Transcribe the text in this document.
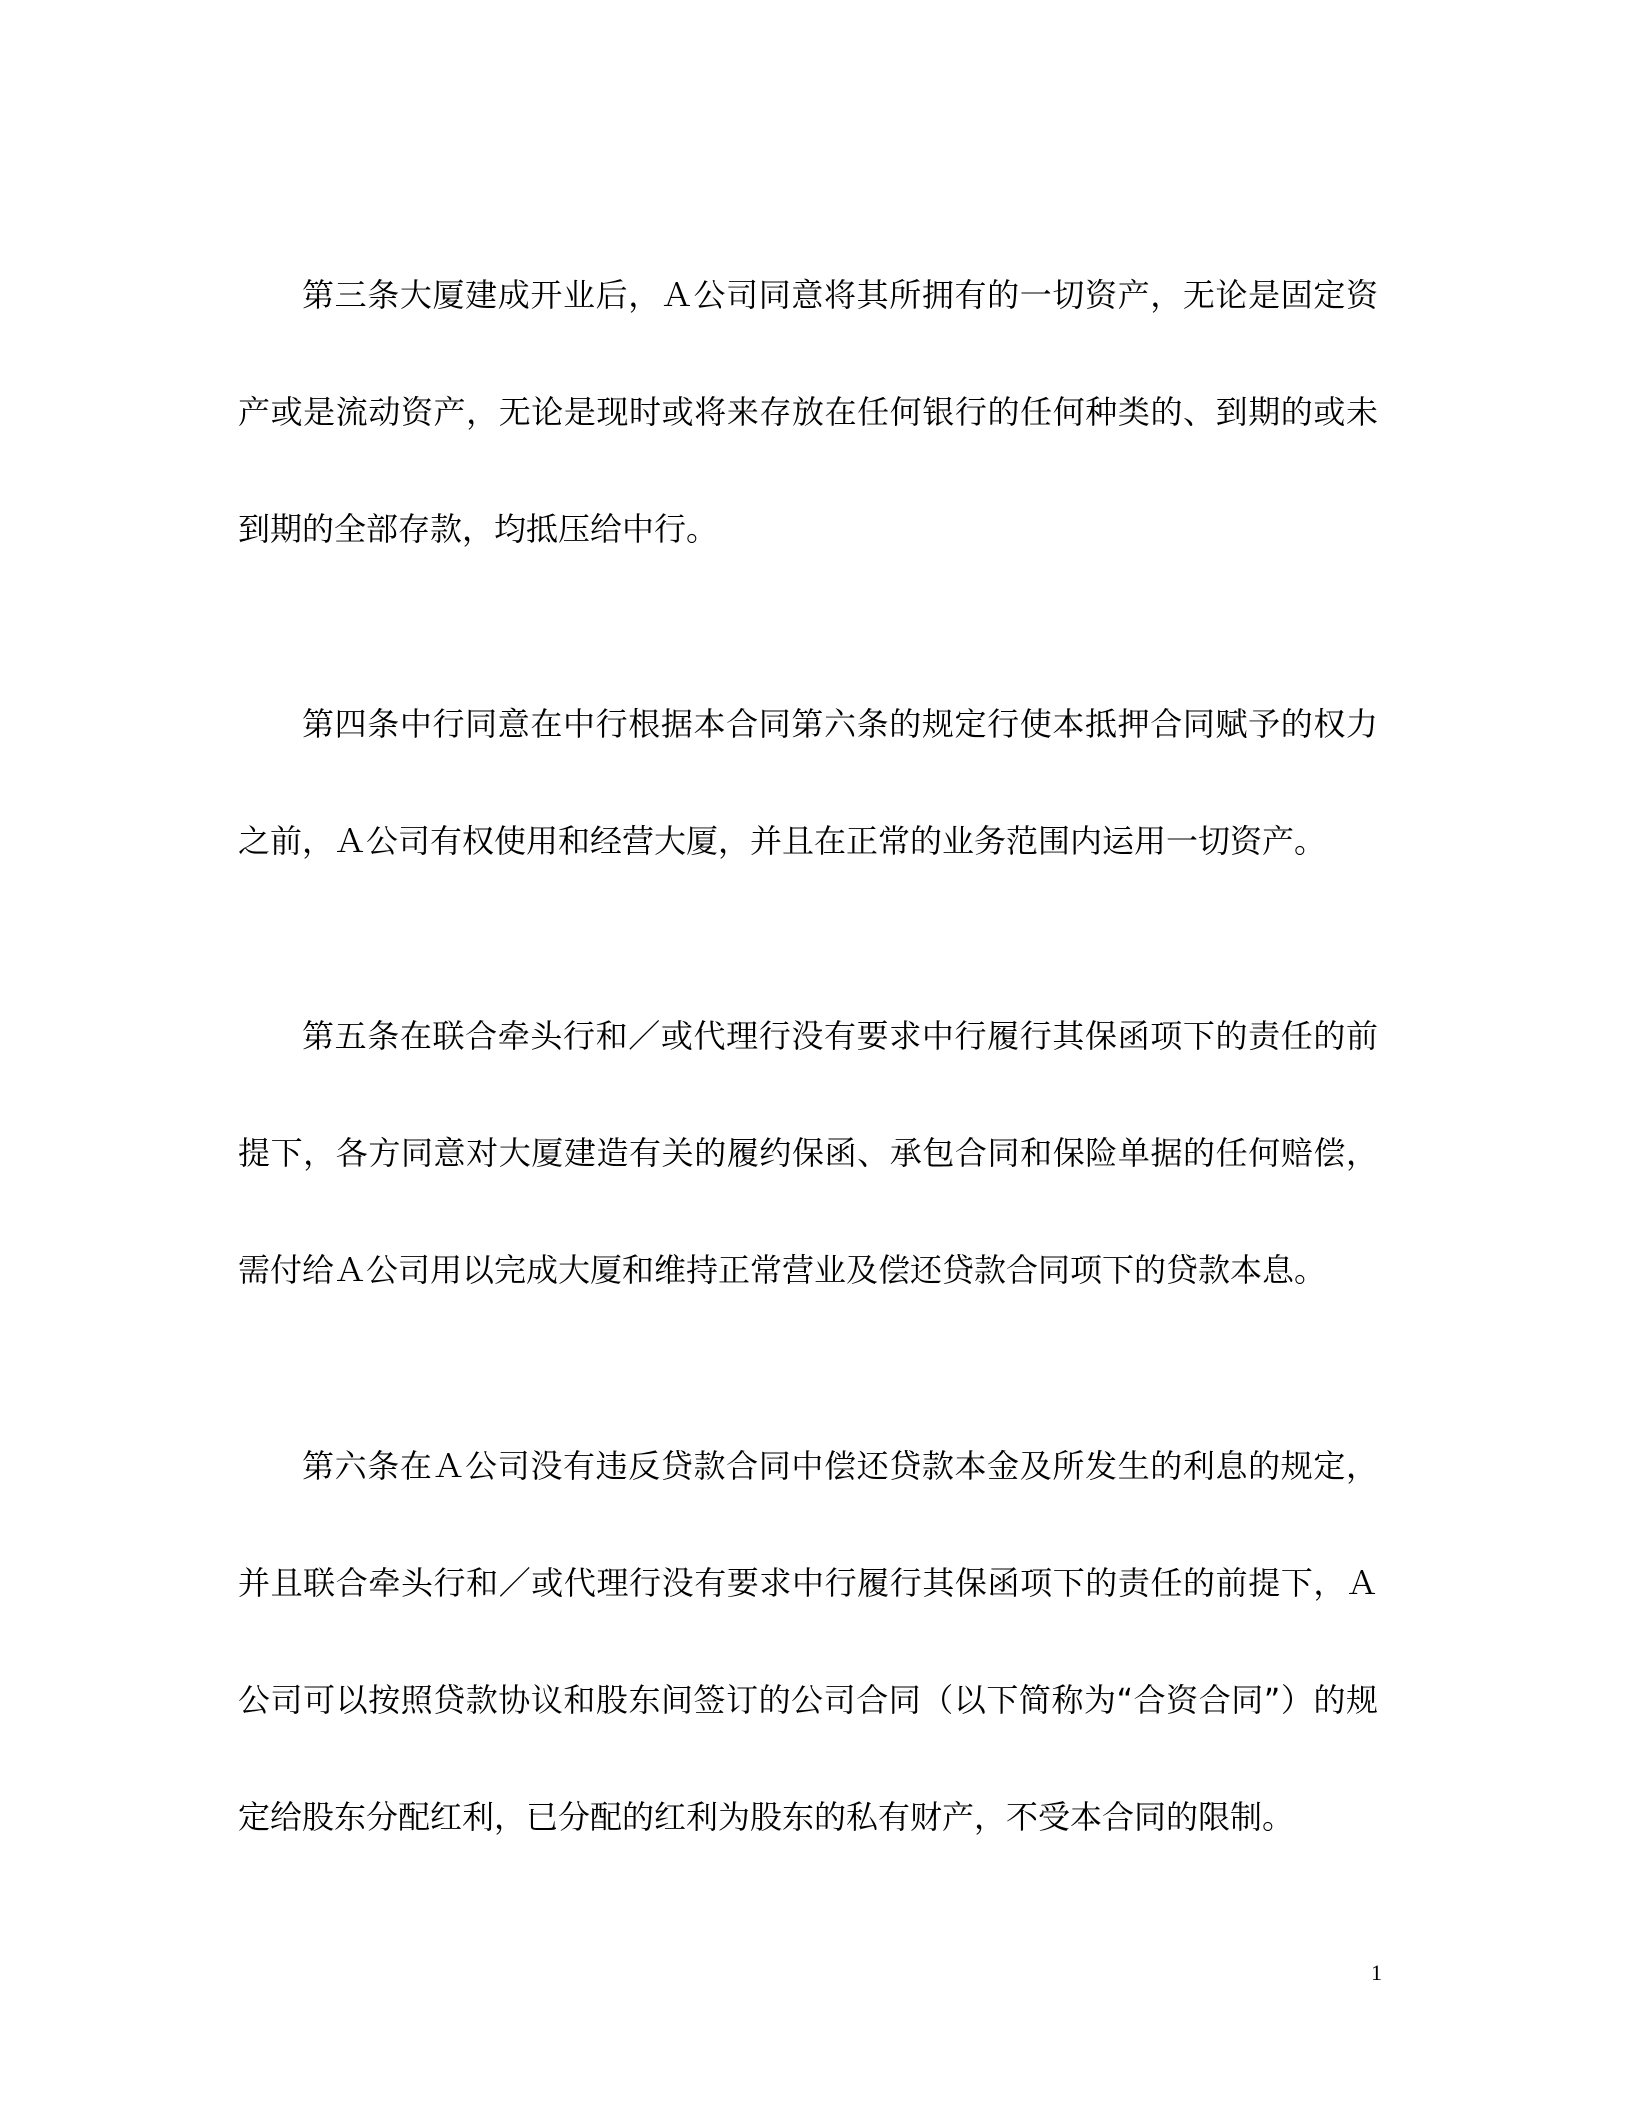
第三条大厦建成开业后，Ａ公司同意将其所拥有的一切资产，无论是固定资产或是流动资产，无论是现时或将来存放在任何银行的任何种类的、到期的或未到期的全部存款，均抵压给中行。

第四条中行同意在中行根据本合同第六条的规定行使本抵押合同赋予的权力之前，Ａ公司有权使用和经营大厦，并且在正常的业务范围内运用一切资产。

第五条在联合牵头行和／或代理行没有要求中行履行其保函项下的责任的前提下，各方同意对大厦建造有关的履约保函、承包合同和保险单据的任何赔偿，需付给Ａ公司用以完成大厦和维持正常营业及偿还贷款合同项下的贷款本息。

第六条在Ａ公司没有违反贷款合同中偿还贷款本金及所发生的利息的规定，并且联合牵头行和／或代理行没有要求中行履行其保函项下的责任的前提下，Ａ公司可以按照贷款协议和股东间签订的公司合同（以下简称为“合资合同”）的规定给股东分配红利，已分配的红利为股东的私有财产，不受本合同的限制。

1
